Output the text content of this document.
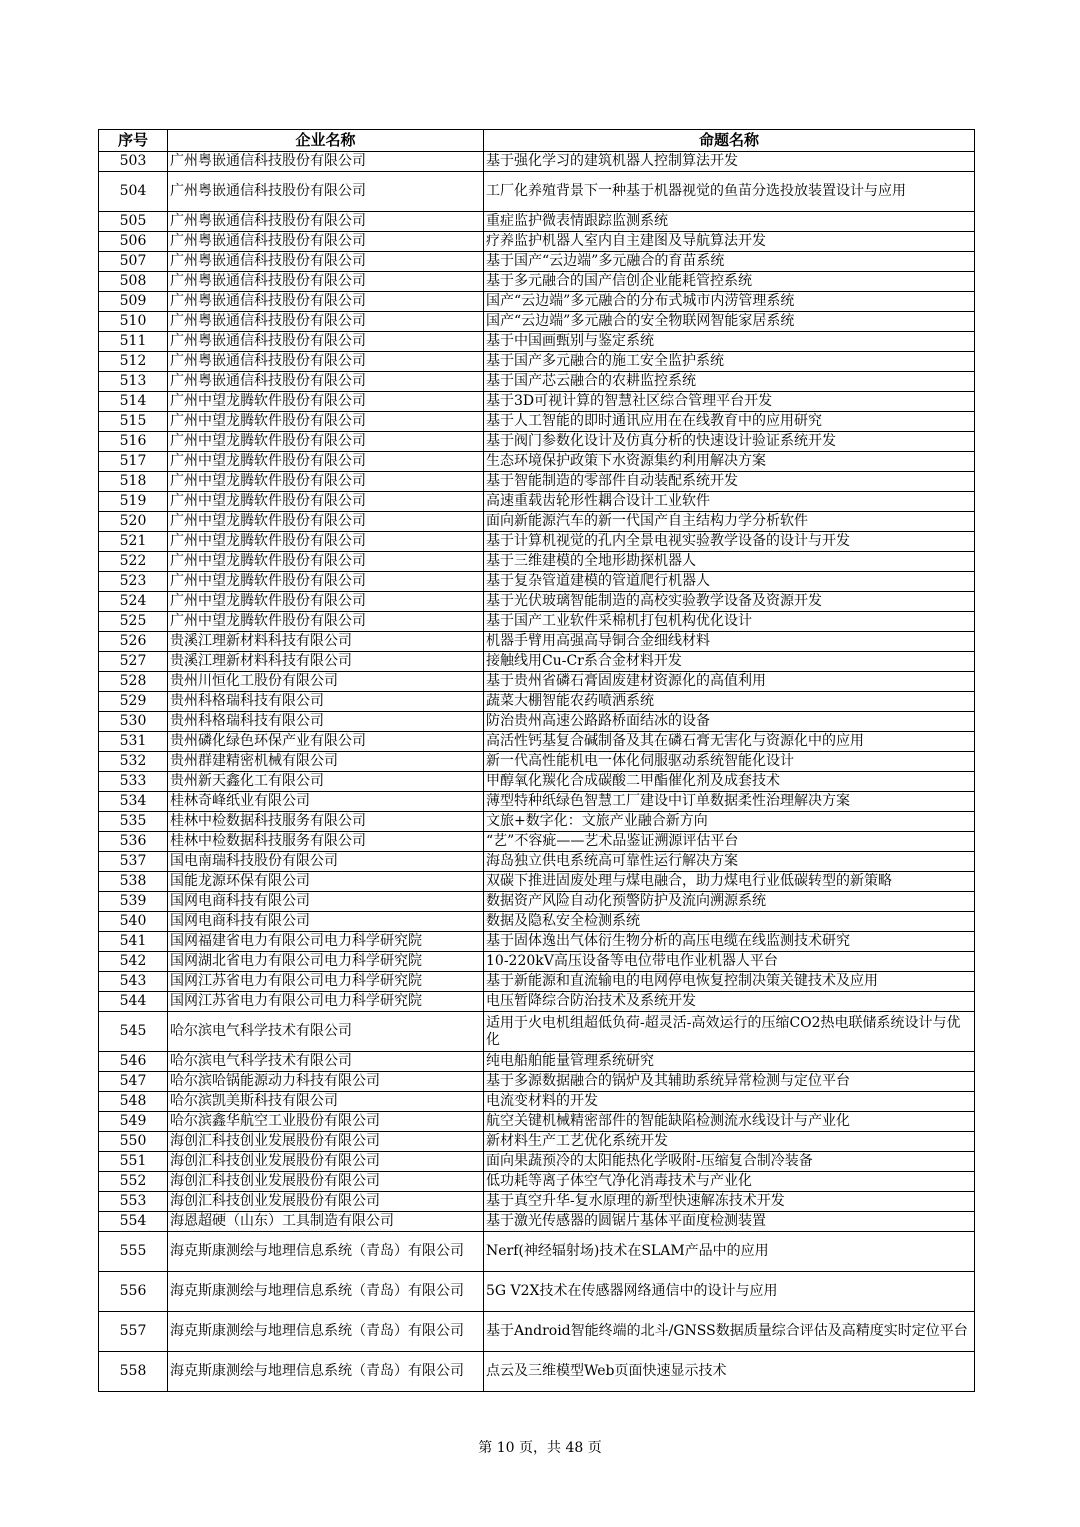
序号	企业名称	命题名称
503	广州粤嵌通信科技股份有限公司	基于强化学习的建筑机器人控制算法开发
504	广州粤嵌通信科技股份有限公司	工厂化养殖背景下一种基于机器视觉的鱼苗分选投放装置设计与应用
505	广州粤嵌通信科技股份有限公司	重症监护微表情跟踪监测系统
506	广州粤嵌通信科技股份有限公司	疗养监护机器人室内自主建图及导航算法开发
507	广州粤嵌通信科技股份有限公司	基于国产“云边端”多元融合的育苗系统
508	广州粤嵌通信科技股份有限公司	基于多元融合的国产信创企业能耗管控系统
509	广州粤嵌通信科技股份有限公司	国产“云边端”多元融合的分布式城市内涝管理系统
510	广州粤嵌通信科技股份有限公司	国产“云边端”多元融合的安全物联网智能家居系统
511	广州粤嵌通信科技股份有限公司	基于中国画甄别与鉴定系统
512	广州粤嵌通信科技股份有限公司	基于国产多元融合的施工安全监护系统
513	广州粤嵌通信科技股份有限公司	基于国产芯云融合的农耕监控系统
514	广州中望龙腾软件股份有限公司	基于3D可视计算的智慧社区综合管理平台开发
515	广州中望龙腾软件股份有限公司	基于人工智能的即时通讯应用在在线教育中的应用研究
516	广州中望龙腾软件股份有限公司	基于阀门参数化设计及仿真分析的快速设计验证系统开发
517	广州中望龙腾软件股份有限公司	生态环境保护政策下水资源集约利用解决方案
518	广州中望龙腾软件股份有限公司	基于智能制造的零部件自动装配系统开发
519	广州中望龙腾软件股份有限公司	高速重载齿轮形性耦合设计工业软件
520	广州中望龙腾软件股份有限公司	面向新能源汽车的新一代国产自主结构力学分析软件
521	广州中望龙腾软件股份有限公司	基于计算机视觉的孔内全景电视实验教学设备的设计与开发
522	广州中望龙腾软件股份有限公司	基于三维建模的全地形勘探机器人
523	广州中望龙腾软件股份有限公司	基于复杂管道建模的管道爬行机器人
524	广州中望龙腾软件股份有限公司	基于光伏玻璃智能制造的高校实验教学设备及资源开发
525	广州中望龙腾软件股份有限公司	基于国产工业软件采棉机打包机构优化设计
526	贵溪江理新材料科技有限公司	机器手臂用高强高导铜合金细线材料
527	贵溪江理新材料科技有限公司	接触线用Cu-Cr系合金材料开发
528	贵州川恒化工股份有限公司	基于贵州省磷石膏固废建材资源化的高值利用
529	贵州科格瑞科技有限公司	蔬菜大棚智能农药喷洒系统
530	贵州科格瑞科技有限公司	防治贵州高速公路路桥面结冰的设备
531	贵州磷化绿色环保产业有限公司	高活性钙基复合碱制备及其在磷石膏无害化与资源化中的应用
532	贵州群建精密机械有限公司	新一代高性能机电一体化伺服驱动系统智能化设计
533	贵州新天鑫化工有限公司	甲醇氧化羰化合成碳酸二甲酯催化剂及成套技术
534	桂林奇峰纸业有限公司	薄型特种纸绿色智慧工厂建设中订单数据柔性治理解决方案
535	桂林中检数据科技服务有限公司	文旅+数字化：文旅产业融合新方向
536	桂林中检数据科技服务有限公司	“艺”不容疵——艺术品鉴证溯源评估平台
537	国电南瑞科技股份有限公司	海岛独立供电系统高可靠性运行解决方案
538	国能龙源环保有限公司	双碳下推进固废处理与煤电融合，助力煤电行业低碳转型的新策略
539	国网电商科技有限公司	数据资产风险自动化预警防护及流向溯源系统
540	国网电商科技有限公司	数据及隐私安全检测系统
541	国网福建省电力有限公司电力科学研究院	基于固体逸出气体衍生物分析的高压电缆在线监测技术研究
542	国网湖北省电力有限公司电力科学研究院	10-220kV高压设备等电位带电作业机器人平台
543	国网江苏省电力有限公司电力科学研究院	基于新能源和直流输电的电网停电恢复控制决策关键技术及应用
544	国网江苏省电力有限公司电力科学研究院	电压暂降综合防治技术及系统开发
545	哈尔滨电气科学技术有限公司	适用于火电机组超低负荷-超灵活-高效运行的压缩CO2热电联储系统设计与优化
546	哈尔滨电气科学技术有限公司	纯电船舶能量管理系统研究
547	哈尔滨哈锅能源动力科技有限公司	基于多源数据融合的锅炉及其辅助系统异常检测与定位平台
548	哈尔滨凯美斯科技有限公司	电流变材料的开发
549	哈尔滨鑫华航空工业股份有限公司	航空关键机械精密部件的智能缺陷检测流水线设计与产业化
550	海创汇科技创业发展股份有限公司	新材料生产工艺优化系统开发
551	海创汇科技创业发展股份有限公司	面向果蔬预冷的太阳能热化学吸附-压缩复合制冷装备
552	海创汇科技创业发展股份有限公司	低功耗等离子体空气净化消毒技术与产业化
553	海创汇科技创业发展股份有限公司	基于真空升华-复水原理的新型快速解冻技术开发
554	海恩超硬（山东）工具制造有限公司	基于激光传感器的圆锯片基体平面度检测装置
555	海克斯康测绘与地理信息系统（青岛）有限公司	Nerf(神经辐射场)技术在SLAM产品中的应用
556	海克斯康测绘与地理信息系统（青岛）有限公司	5G V2X技术在传感器网络通信中的设计与应用
557	海克斯康测绘与地理信息系统（青岛）有限公司	基于Android智能终端的北斗/GNSS数据质量综合评估及高精度实时定位平台
558	海克斯康测绘与地理信息系统（青岛）有限公司	点云及三维模型Web页面快速显示技术
第 10 页，共 48 页
